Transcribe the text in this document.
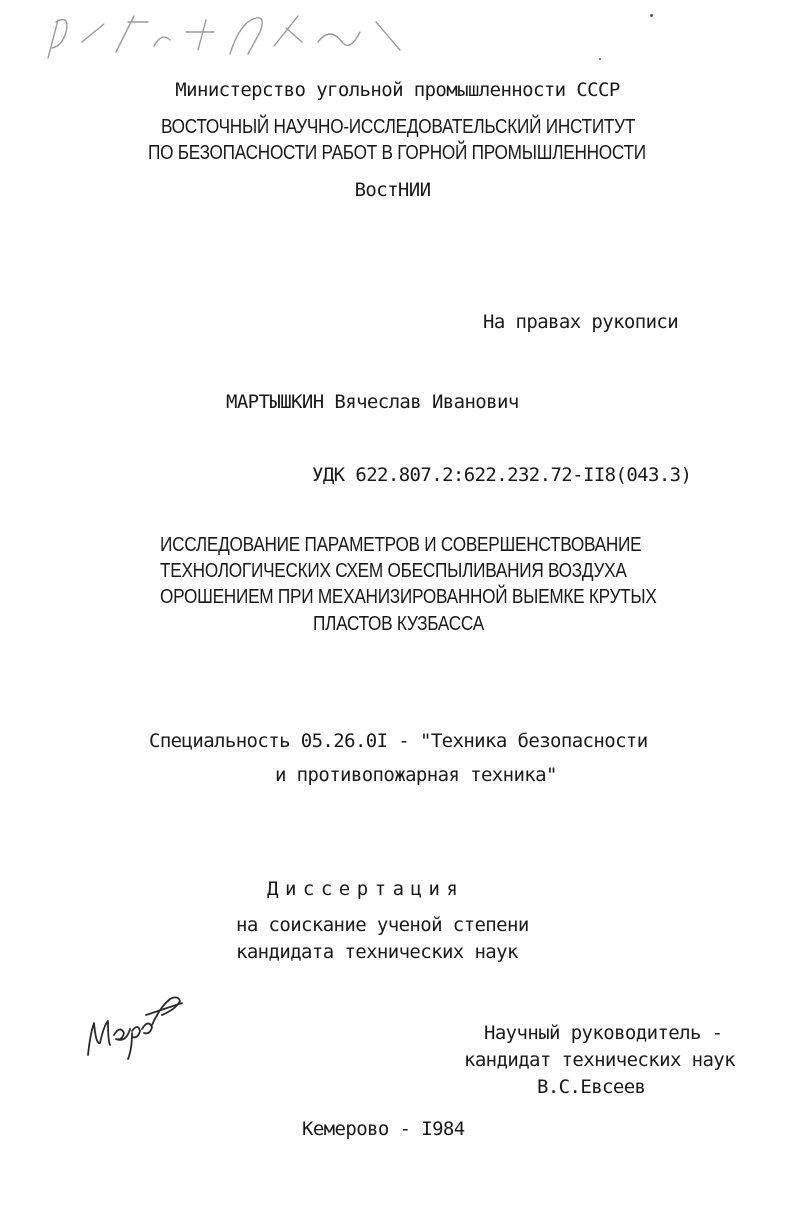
Министерство угольной промышленности СССР
ВОСТОЧНЫЙ НАУЧНО-ИССЛЕДОВАТЕЛЬСКИЙ ИНСТИТУТ
ПО БЕЗОПАСНОСТИ РАБОТ В ГОРНОЙ ПРОМЫШЛЕННОСТИ
ВостНИИ
На правах рукописи
МАРТЫШКИН Вячеслав Иванович
УДК 622.807.2:622.232.72-II8(043.3)
ИССЛЕДОВАНИЕ ПАРАМЕТРОВ И СОВЕРШЕНСТВОВАНИЕ
ТЕХНОЛОГИЧЕСКИХ СХЕМ ОБЕСПЫЛИВАНИЯ ВОЗДУХА
ОРОШЕНИЕМ ПРИ МЕХАНИЗИРОВАННОЙ ВЫЕМКЕ КРУТЫХ
ПЛАСТОВ КУЗБАССА
Специальность 05.26.0I - "Техника безопасности
и противопожарная техника"
Диссертация
на соискание ученой степени
кандидата технических наук
Научный руководитель -
кандидат технических наук
В.С.Евсеев
Кемерово - I984
